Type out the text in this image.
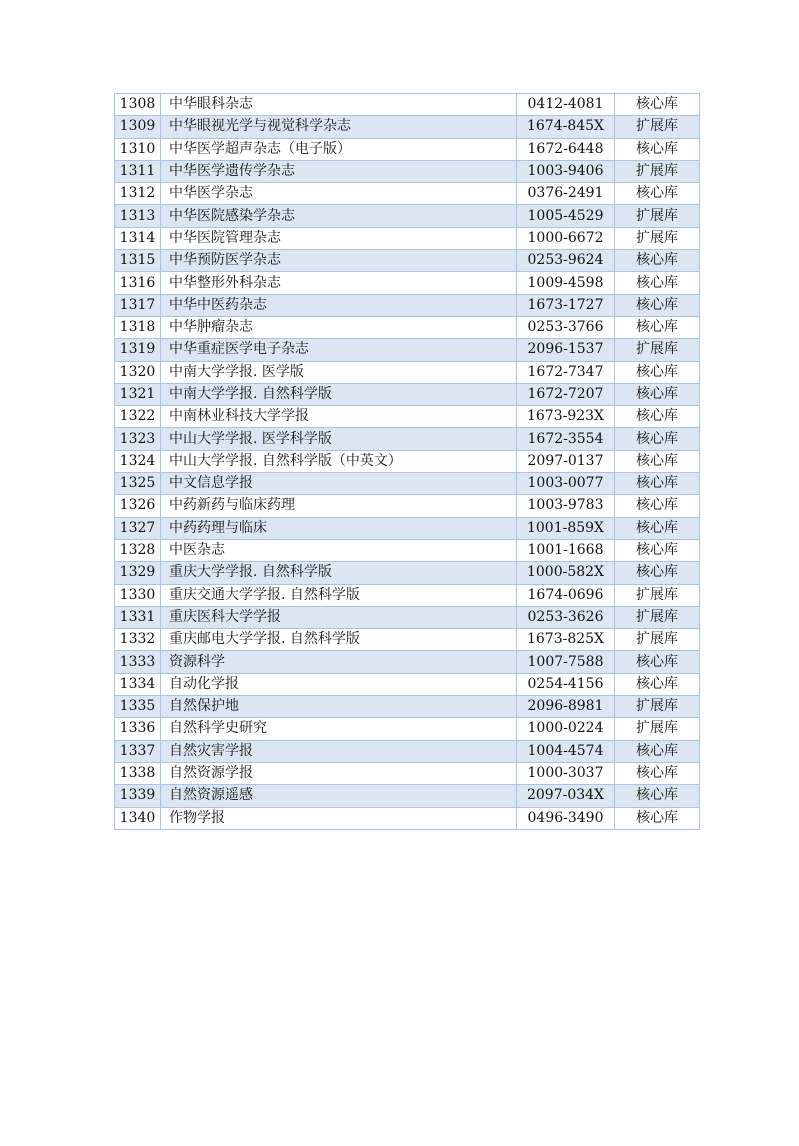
1308	中华眼科杂志	0412-4081	核心库
1309	中华眼视光学与视觉科学杂志	1674-845X	扩展库
1310	中华医学超声杂志（电子版）	1672-6448	核心库
1311	中华医学遗传学杂志	1003-9406	扩展库
1312	中华医学杂志	0376-2491	核心库
1313	中华医院感染学杂志	1005-4529	扩展库
1314	中华医院管理杂志	1000-6672	扩展库
1315	中华预防医学杂志	0253-9624	核心库
1316	中华整形外科杂志	1009-4598	核心库
1317	中华中医药杂志	1673-1727	核心库
1318	中华肿瘤杂志	0253-3766	核心库
1319	中华重症医学电子杂志	2096-1537	扩展库
1320	中南大学学报. 医学版	1672-7347	核心库
1321	中南大学学报. 自然科学版	1672-7207	核心库
1322	中南林业科技大学学报	1673-923X	核心库
1323	中山大学学报. 医学科学版	1672-3554	核心库
1324	中山大学学报. 自然科学版（中英文）	2097-0137	核心库
1325	中文信息学报	1003-0077	核心库
1326	中药新药与临床药理	1003-9783	核心库
1327	中药药理与临床	1001-859X	核心库
1328	中医杂志	1001-1668	核心库
1329	重庆大学学报. 自然科学版	1000-582X	核心库
1330	重庆交通大学学报. 自然科学版	1674-0696	扩展库
1331	重庆医科大学学报	0253-3626	扩展库
1332	重庆邮电大学学报. 自然科学版	1673-825X	扩展库
1333	资源科学	1007-7588	核心库
1334	自动化学报	0254-4156	核心库
1335	自然保护地	2096-8981	扩展库
1336	自然科学史研究	1000-0224	扩展库
1337	自然灾害学报	1004-4574	核心库
1338	自然资源学报	1000-3037	核心库
1339	自然资源遥感	2097-034X	核心库
1340	作物学报	0496-3490	核心库
